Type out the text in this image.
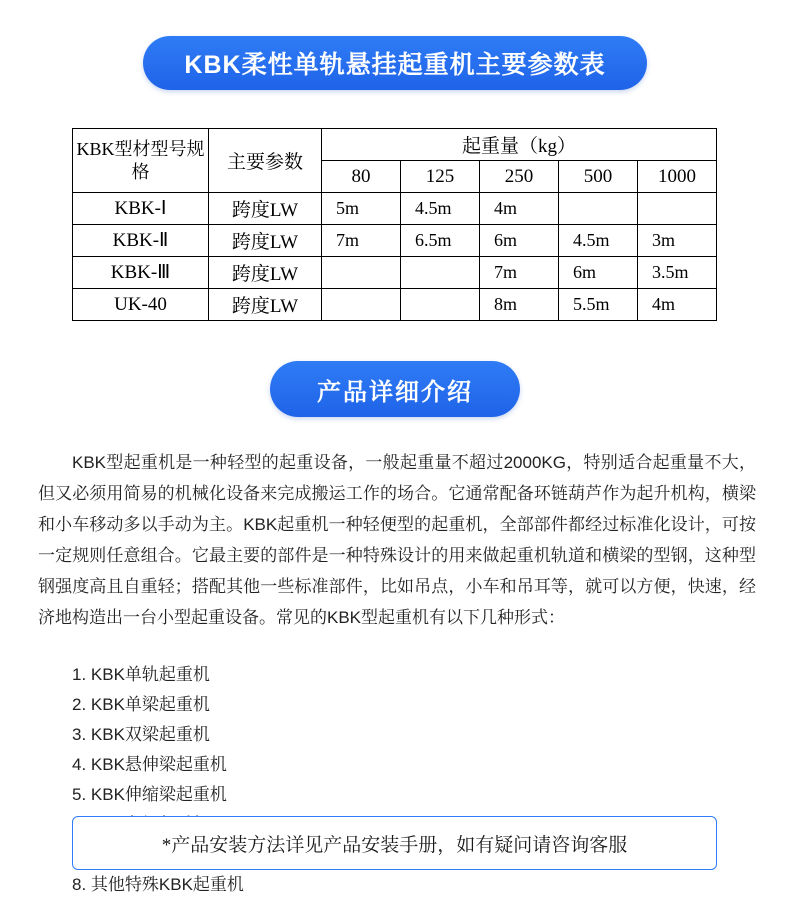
KBK柔性单轨悬挂起重机主要参数表
KBK型材型号规格	主要参数	起重量（kg）				
		80	125	250	500	1000
KBK-Ⅰ	跨度LW	5m	4.5m	4m		
KBK-Ⅱ	跨度LW	7m	6.5m	6m	4.5m	3m
KBK-Ⅲ	跨度LW			7m	6m	3.5m
UK-40	跨度LW			8m	5.5m	4m
产品详细介绍
KBK型起重机是一种轻型的起重设备，一般起重量不超过2000KG，特别适合起重量不大，但又必须用简易的机械化设备来完成搬运工作的场合。它通常配备环链葫芦作为起升机构，横梁和小车移动多以手动为主。KBK起重机一种轻便型的起重机，全部部件都经过标准化设计，可按一定规则任意组合。它最主要的部件是一种特殊设计的用来做起重机轨道和横梁的型钢，这种型钢强度高且自重轻；搭配其他一些标准部件，比如吊点，小车和吊耳等，就可以方便，快速，经济地构造出一台小型起重设备。常见的KBK型起重机有以下几种形式：
1. KBK单轨起重机
2. KBK单梁起重机
3. KBK双梁起重机
4. KBK悬伸梁起重机

5. KBK伸缩梁起重机
8. 其他特殊KBK起重机
*产品安装方法详见产品安装手册，如有疑问请咨询客服
